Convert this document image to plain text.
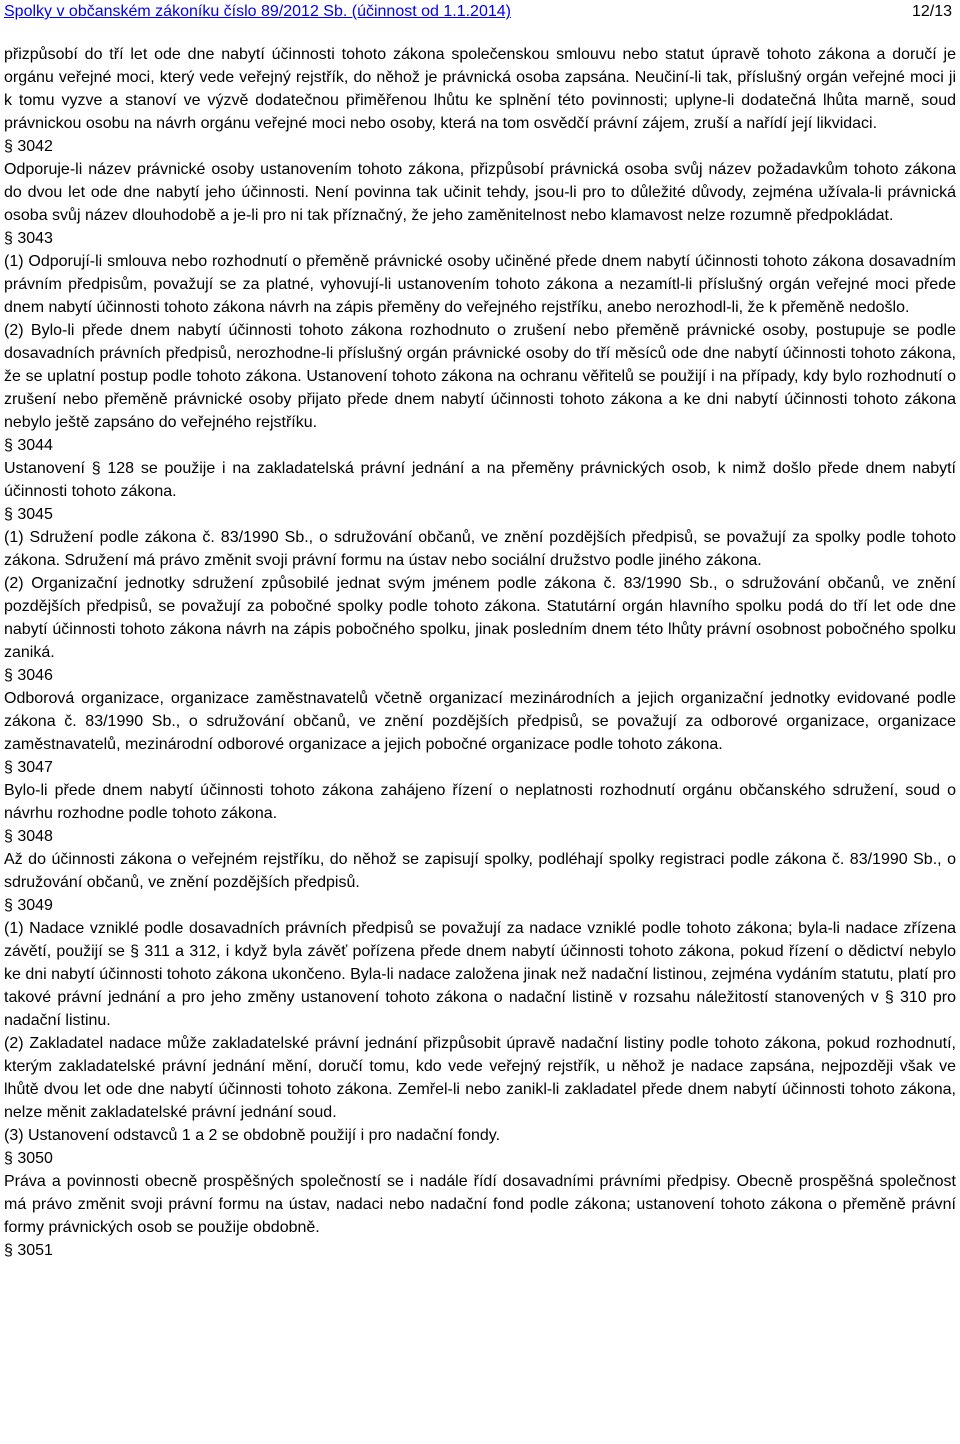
Spolky v občanském zákoníku číslo 89/2012 Sb. (účinnost od 1.1.2014)	12/13

přizpůsobí do tří let ode dne nabytí účinnosti tohoto zákona společenskou smlouvu nebo statut úpravě tohoto zákona a doručí je orgánu veřejné moci, který vede veřejný rejstřík, do něhož je právnická osoba zapsána. Neučiní-li tak, příslušný orgán veřejné moci ji k tomu vyzve a stanoví ve výzvě dodatečnou přiměřenou lhůtu ke splnění této povinnosti; uplyne-li dodatečná lhůta marně, soud právnickou osobu na návrh orgánu veřejné moci nebo osoby, která na tom osvědčí právní zájem, zruší a nařídí její likvidaci.

§ 3042

Odporuje-li název právnické osoby ustanovením tohoto zákona, přizpůsobí právnická osoba svůj název požadavkům tohoto zákona do dvou let ode dne nabytí jeho účinnosti. Není povinna tak učinit tehdy, jsou-li pro to důležité důvody, zejména užívala-li právnická osoba svůj název dlouhodobě a je-li pro ni tak příznačný, že jeho zaměnitelnost nebo klamavost nelze rozumně předpokládat.

§ 3043

(1) Odporují-li smlouva nebo rozhodnutí o přeměně právnické osoby učiněné přede dnem nabytí účinnosti tohoto zákona dosavadním právním předpisům, považují se za platné, vyhovují-li ustanovením tohoto zákona a nezamítl-li příslušný orgán veřejné moci přede dnem nabytí účinnosti tohoto zákona návrh na zápis přeměny do veřejného rejstříku, anebo nerozhodl-li, že k přeměně nedošlo.

(2) Bylo-li přede dnem nabytí účinnosti tohoto zákona rozhodnuto o zrušení nebo přeměně právnické osoby, postupuje se podle dosavadních právních předpisů, nerozhodne-li příslušný orgán právnické osoby do tří měsíců ode dne nabytí účinnosti tohoto zákona, že se uplatní postup podle tohoto zákona. Ustanovení tohoto zákona na ochranu věřitelů se použijí i na případy, kdy bylo rozhodnutí o zrušení nebo přeměně právnické osoby přijato přede dnem nabytí účinnosti tohoto zákona a ke dni nabytí účinnosti tohoto zákona nebylo ještě zapsáno do veřejného rejstříku.

§ 3044

Ustanovení § 128 se použije i na zakladatelská právní jednání a na přeměny právnických osob, k nimž došlo přede dnem nabytí účinnosti tohoto zákona.

§ 3045

(1) Sdružení podle zákona č. 83/1990 Sb., o sdružování občanů, ve znění pozdějších předpisů, se považují za spolky podle tohoto zákona. Sdružení má právo změnit svoji právní formu na ústav nebo sociální družstvo podle jiného zákona.

(2) Organizační jednotky sdružení způsobilé jednat svým jménem podle zákona č. 83/1990 Sb., o sdružování občanů, ve znění pozdějších předpisů, se považují za pobočné spolky podle tohoto zákona. Statutární orgán hlavního spolku podá do tří let ode dne nabytí účinnosti tohoto zákona návrh na zápis pobočného spolku, jinak posledním dnem této lhůty právní osobnost pobočného spolku zaniká.

§ 3046

Odborová organizace, organizace zaměstnavatelů včetně organizací mezinárodních a jejich organizační jednotky evidované podle zákona č. 83/1990 Sb., o sdružování občanů, ve znění pozdějších předpisů, se považují za odborové organizace, organizace zaměstnavatelů, mezinárodní odborové organizace a jejich pobočné organizace podle tohoto zákona.

§ 3047

Bylo-li přede dnem nabytí účinnosti tohoto zákona zahájeno řízení o neplatnosti rozhodnutí orgánu občanského sdružení, soud o návrhu rozhodne podle tohoto zákona.

§ 3048

Až do účinnosti zákona o veřejném rejstříku, do něhož se zapisují spolky, podléhají spolky registraci podle zákona č. 83/1990 Sb., o sdružování občanů, ve znění pozdějších předpisů.

§ 3049

(1) Nadace vzniklé podle dosavadních právních předpisů se považují za nadace vzniklé podle tohoto zákona; byla-li nadace zřízena závětí, použijí se § 311 a 312, i když byla závěť pořízena přede dnem nabytí účinnosti tohoto zákona, pokud řízení o dědictví nebylo ke dni nabytí účinnosti tohoto zákona ukončeno. Byla-li nadace založena jinak než nadační listinou, zejména vydáním statutu, platí pro takové právní jednání a pro jeho změny ustanovení tohoto zákona o nadační listině v rozsahu náležitostí stanovených v § 310 pro nadační listinu.

(2) Zakladatel nadace může zakladatelské právní jednání přizpůsobit úpravě nadační listiny podle tohoto zákona, pokud rozhodnutí, kterým zakladatelské právní jednání mění, doručí tomu, kdo vede veřejný rejstřík, u něhož je nadace zapsána, nejpozději však ve lhůtě dvou let ode dne nabytí účinnosti tohoto zákona. Zemřel-li nebo zanikl-li zakladatel přede dnem nabytí účinnosti tohoto zákona, nelze měnit zakladatelské právní jednání soud.

(3) Ustanovení odstavců 1 a 2 se obdobně použijí i pro nadační fondy.

§ 3050

Práva a povinnosti obecně prospěšných společností se i nadále řídí dosavadními právními předpisy. Obecně prospěšná společnost má právo změnit svoji právní formu na ústav, nadaci nebo nadační fond podle zákona; ustanovení tohoto zákona o přeměně právní formy právnických osob se použije obdobně.

§ 3051
